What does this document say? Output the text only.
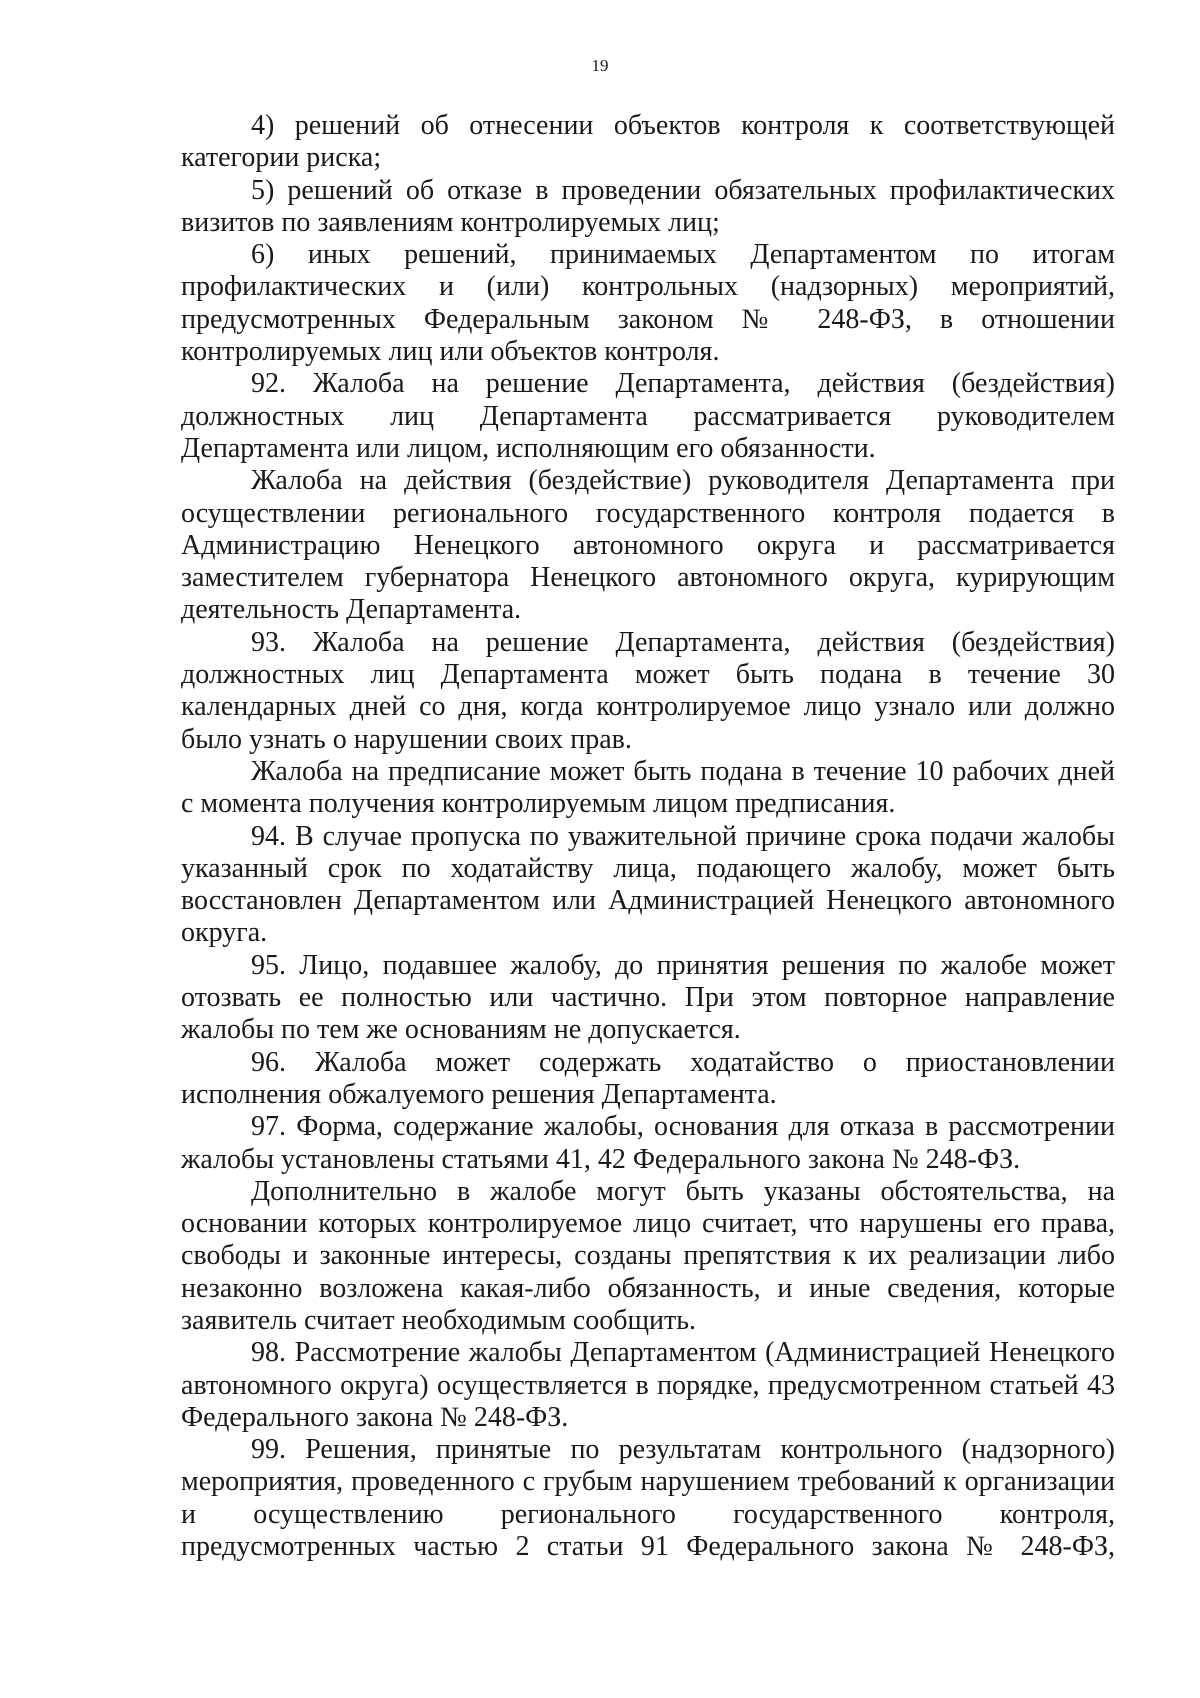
19

4) решений об отнесении объектов контроля к соответствующей категории риска;

5) решений об отказе в проведении обязательных профилактических визитов по заявлениям контролируемых лиц;

6) иных решений, принимаемых Департаментом по итогам профилактических и (или) контрольных (надзорных) мероприятий, предусмотренных Федеральным законом № 248-ФЗ, в отношении контролируемых лиц или объектов контроля.

92. Жалоба на решение Департамента, действия (бездействия) должностных лиц Департамента рассматривается руководителем Департамента или лицом, исполняющим его обязанности.

Жалоба на действия (бездействие) руководителя Департамента при осуществлении регионального государственного контроля подается в Администрацию Ненецкого автономного округа и рассматривается заместителем губернатора Ненецкого автономного округа, курирующим деятельность Департамента.

93. Жалоба на решение Департамента, действия (бездействия) должностных лиц Департамента может быть подана в течение 30 календарных дней со дня, когда контролируемое лицо узнало или должно было узнать о нарушении своих прав.

Жалоба на предписание может быть подана в течение 10 рабочих дней с момента получения контролируемым лицом предписания.

94. В случае пропуска по уважительной причине срока подачи жалобы указанный срок по ходатайству лица, подающего жалобу, может быть восстановлен Департаментом или Администрацией Ненецкого автономного округа.

95. Лицо, подавшее жалобу, до принятия решения по жалобе может отозвать ее полностью или частично. При этом повторное направление жалобы по тем же основаниям не допускается.

96. Жалоба может содержать ходатайство о приостановлении исполнения обжалуемого решения Департамента.

97. Форма, содержание жалобы, основания для отказа в рассмотрении жалобы установлены статьями 41, 42 Федерального закона № 248-ФЗ.

Дополнительно в жалобе могут быть указаны обстоятельства, на основании которых контролируемое лицо считает, что нарушены его права, свободы и законные интересы, созданы препятствия к их реализации либо незаконно возложена какая-либо обязанность, и иные сведения, которые заявитель считает необходимым сообщить.

98. Рассмотрение жалобы Департаментом (Администрацией Ненецкого автономного округа) осуществляется в порядке, предусмотренном статьей 43 Федерального закона № 248-ФЗ.

99. Решения, принятые по результатам контрольного (надзорного) мероприятия, проведенного с грубым нарушением требований к организации и осуществлению регионального государственного контроля, предусмотренных частью 2 статьи 91 Федерального закона № 248-ФЗ,
